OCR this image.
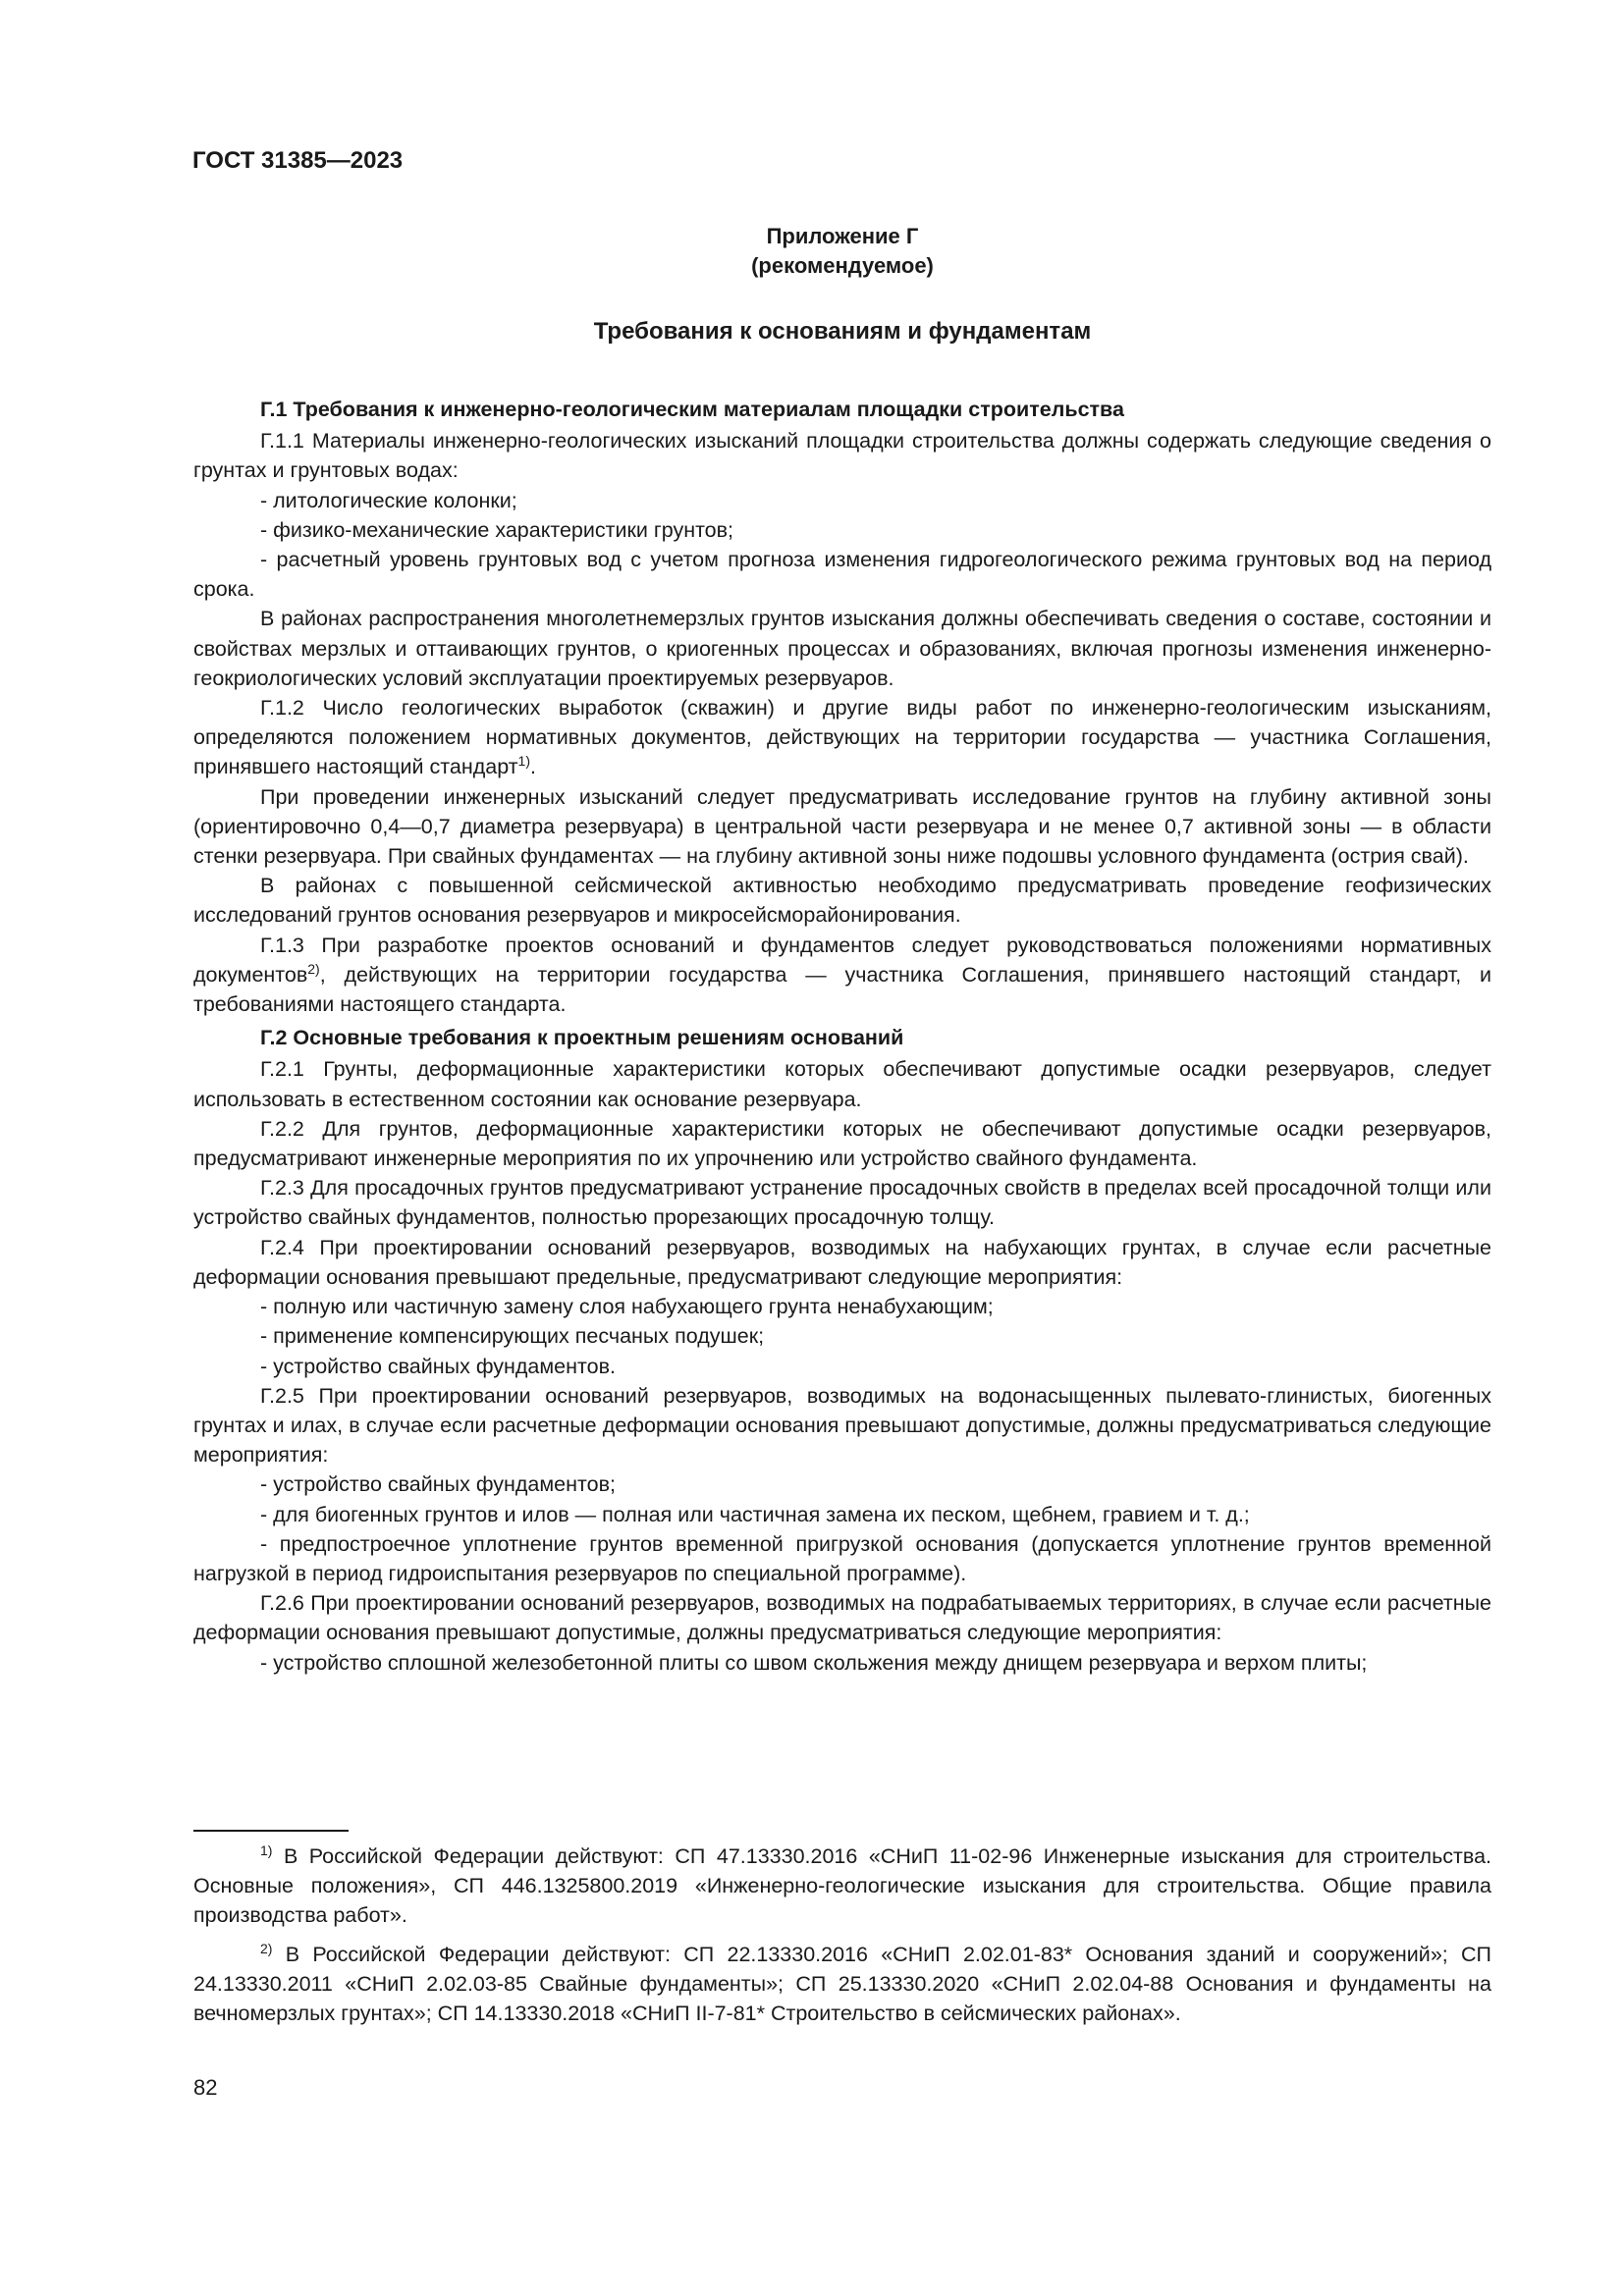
ГОСТ 31385—2023
Приложение Г
(рекомендуемое)
Требования к основаниям и фундаментам

Г.1 Требования к инженерно-геологическим материалам площадки строительства

Г.1.1 Материалы инженерно-геологических изысканий площадки строительства должны содержать следующие сведения о грунтах и грунтовых водах:

- литологические колонки;

- физико-механические характеристики грунтов;

- расчетный уровень грунтовых вод с учетом прогноза изменения гидрогеологического режима грунтовых вод на период срока.

В районах распространения многолетнемерзлых грунтов изыскания должны обеспечивать сведения о составе, состоянии и свойствах мерзлых и оттаивающих грунтов, о криогенных процессах и образованиях, включая прогнозы изменения инженерно-геокриологических условий эксплуатации проектируемых резервуаров.

Г.1.2 Число геологических выработок (скважин) и другие виды работ по инженерно-геологическим изысканиям, определяются положением нормативных документов, действующих на территории государства — участника Соглашения, принявшего настоящий стандарт$^{1)}$.

При проведении инженерных изысканий следует предусматривать исследование грунтов на глубину активной зоны (ориентировочно 0,4—0,7 диаметра резервуара) в центральной части резервуара и не менее 0,7 активной зоны — в области стенки резервуара. При свайных фундаментах — на глубину активной зоны ниже подошвы условного фундамента (острия свай).

В районах с повышенной сейсмической активностью необходимо предусматривать проведение геофизических исследований грунтов основания резервуаров и микросейсморайонирования.

Г.1.3 При разработке проектов оснований и фундаментов следует руководствоваться положениями нормативных документов$^{2)}$, действующих на территории государства — участника Соглашения, принявшего настоящий стандарт, и требованиями настоящего стандарта.

Г.2 Основные требования к проектным решениям оснований

Г.2.1 Грунты, деформационные характеристики которых обеспечивают допустимые осадки резервуаров, следует использовать в естественном состоянии как основание резервуара.

Г.2.2 Для грунтов, деформационные характеристики которых не обеспечивают допустимые осадки резервуаров, предусматривают инженерные мероприятия по их упрочнению или устройство свайного фундамента.

Г.2.3 Для просадочных грунтов предусматривают устранение просадочных свойств в пределах всей просадочной толщи или устройство свайных фундаментов, полностью прорезающих просадочную толщу.

Г.2.4 При проектировании оснований резервуаров, возводимых на набухающих грунтах, в случае если расчетные деформации основания превышают предельные, предусматривают следующие мероприятия:

- полную или частичную замену слоя набухающего грунта ненабухающим;

- применение компенсирующих песчаных подушек;

- устройство свайных фундаментов.

Г.2.5 При проектировании оснований резервуаров, возводимых на водонасыщенных пылевато-глинистых, биогенных грунтах и илах, в случае если расчетные деформации основания превышают допустимые, должны предусматриваться следующие мероприятия:

- устройство свайных фундаментов;

- для биогенных грунтов и илов — полная или частичная замена их песком, щебнем, гравием и т. д.;

- предпостроечное уплотнение грунтов временной пригрузкой основания (допускается уплотнение грунтов временной нагрузкой в период гидроиспытания резервуаров по специальной программе).

Г.2.6 При проектировании оснований резервуаров, возводимых на подрабатываемых территориях, в случае если расчетные деформации основания превышают допустимые, должны предусматриваться следующие мероприятия:

- устройство сплошной железобетонной плиты со швом скольжения между днищем резервуара и верхом плиты;

$^{1)}$ В Российской Федерации действуют: СП 47.13330.2016 «СНиП 11-02-96 Инженерные изыскания для строительства. Основные положения», СП 446.1325800.2019 «Инженерно-геологические изыскания для строительства. Общие правила производства работ».

$^{2)}$ В Российской Федерации действуют: СП 22.13330.2016 «СНиП 2.02.01-83* Основания зданий и сооружений»; СП 24.13330.2011 «СНиП 2.02.03-85 Свайные фундаменты»; СП 25.13330.2020 «СНиП 2.02.04-88 Основания и фундаменты на вечномерзлых грунтах»; СП 14.13330.2018 «СНиП II-7-81* Строительство в сейсмических районах».

82
